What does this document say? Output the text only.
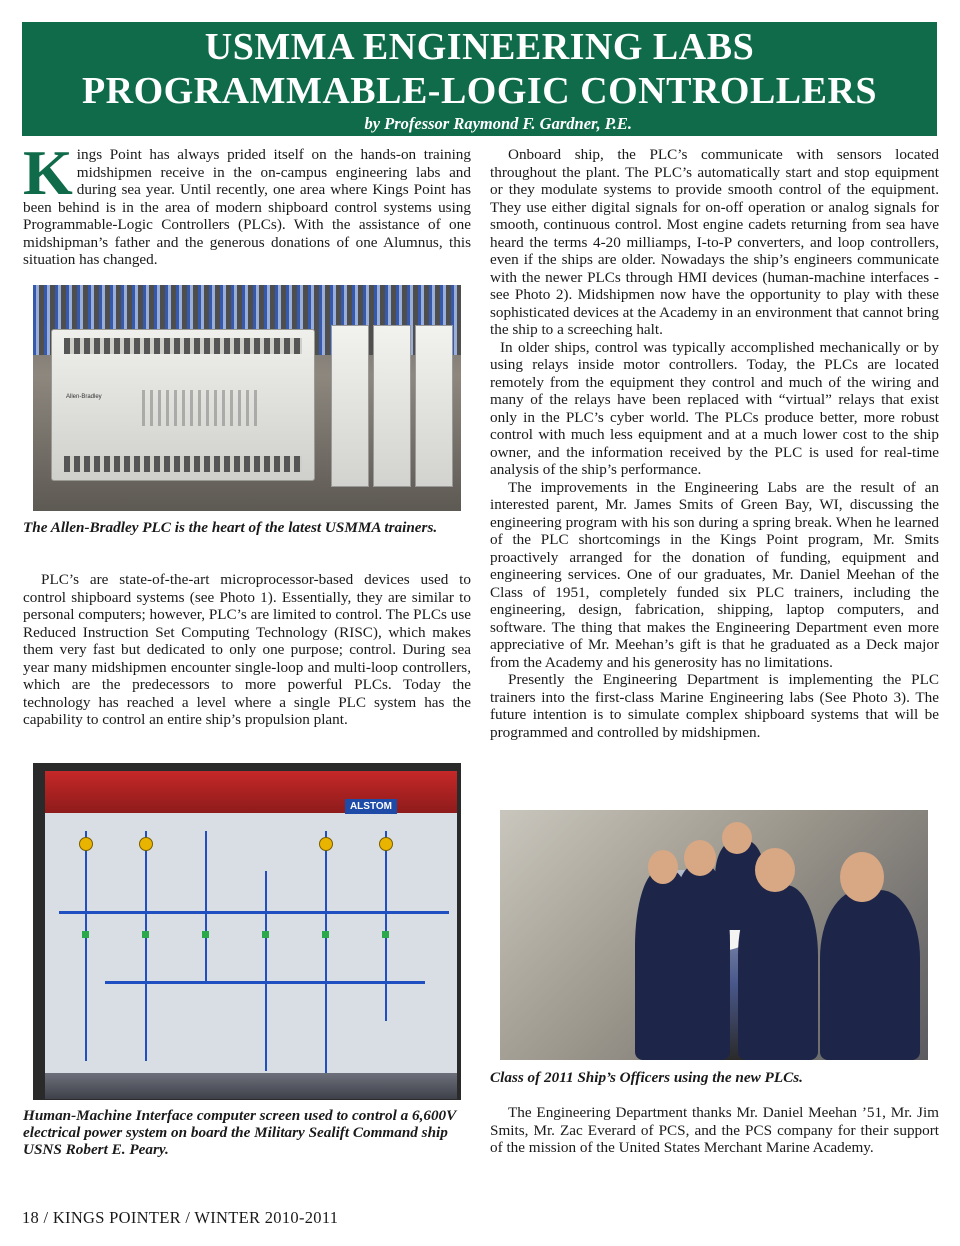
USMMA ENGINEERING LABS
PROGRAMMABLE-LOGIC CONTROLLERS
by Professor Raymond F. Gardner, P.E.

Kings Point has always prided itself on the hands-on training midshipmen receive in the on-campus engineering labs and during sea year. Until recently, one area where Kings Point has been behind is in the area of modern shipboard control systems using Programmable-Logic Controllers (PLCs). With the assistance of one midshipman’s father and the generous donations of one Alumnus, this situation has changed.

Allen-Bradley
The Allen-Bradley PLC is the heart of the latest USMMA trainers.

PLC’s are state-of-the-art microprocessor-based devices used to control shipboard systems (see Photo 1). Essentially, they are similar to personal computers; however, PLC’s are limited to control. The PLCs use Reduced Instruction Set Computing Technology (RISC), which makes them very fast but dedicated to only one purpose; control. During sea year many midshipmen encounter single-loop and multi-loop controllers, which are the predecessors to more powerful PLCs. Today the technology has reached a level where a single PLC system has the capability to control an entire ship’s propulsion plant.

ALSTOM
Human-Machine Interface computer screen used to control a 6,600V electrical power system on board the Military Sealift Command ship USNS Robert E. Peary.

Onboard ship, the PLC’s communicate with sensors located throughout the plant. The PLC’s automatically start and stop equipment or they modulate systems to provide smooth control of the equipment. They use either digital signals for on-off operation or analog signals for smooth, continuous control. Most engine cadets returning from sea have heard the terms 4-20 milliamps, I-to-P converters, and loop controllers, even if the ships are older. Nowadays the ship’s engineers communicate with the newer PLCs through HMI devices (human-machine interfaces - see Photo 2). Midshipmen now have the opportunity to play with these sophisticated devices at the Academy in an environment that cannot bring the ship to a screeching halt.

In older ships, control was typically accomplished mechanically or by using relays inside motor controllers. Today, the PLCs are located remotely from the equipment they control and much of the wiring and many of the relays have been replaced with “virtual” relays that exist only in the PLC’s cyber world. The PLCs produce better, more robust control with much less equipment and at a much lower cost to the ship owner, and the information received by the PLC is used for real-time analysis of the ship’s performance.

The improvements in the Engineering Labs are the result of an interested parent, Mr. James Smits of Green Bay, WI, discussing the engineering program with his son during a spring break. When he learned of the PLC shortcomings in the Kings Point program, Mr. Smits proactively arranged for the donation of funding, equipment and engineering services. One of our graduates, Mr. Daniel Meehan of the Class of 1951, completely funded six PLC trainers, including the engineering, design, fabrication, shipping, laptop computers, and software. The thing that makes the Engineering Department even more appreciative of Mr. Meehan’s gift is that he graduated as a Deck major from the Academy and his generosity has no limitations.

Presently the Engineering Department is implementing the PLC trainers into the first-class Marine Engineering labs (See Photo 3). The future intention is to simulate complex shipboard systems that will be programmed and controlled by midshipmen.

Class of 2011 Ship’s Officers using the new PLCs.

The Engineering Department thanks Mr. Daniel Meehan ’51, Mr. Jim Smits, Mr. Zac Everard of PCS, and the PCS company for their support of the mission of the United States Merchant Marine Academy.

18 / KINGS POINTER / WINTER 2010-2011
